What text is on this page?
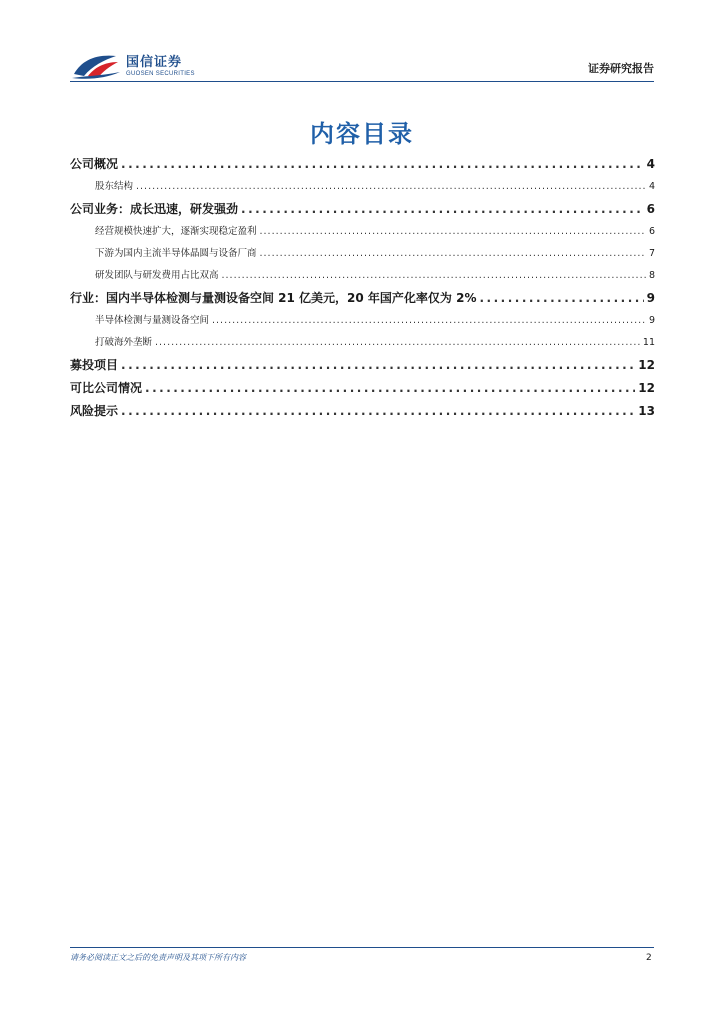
国信证券
GUOSEN SECURITIES	证券研究报告
内容目录
公司概况 .....	4
股东结构 .....	4
公司业务：成长迅速，研发强劲 .....	6
经营规模快速扩大，逐渐实现稳定盈利 .....	6
下游为国内主流半导体晶圆与设备厂商 .....	7
研发团队与研发费用占比双高 .....	8
行业：国内半导体检测与量测设备空间 21 亿美元，20 年国产化率仅为 2% .....	9
半导体检测与量测设备空间 .....	9
打破海外垄断 .....	11
募投项目 .....	12
可比公司情况 .....	12
风险提示 .....	13
请务必阅读正文之后的免责声明及其项下所有内容	2
